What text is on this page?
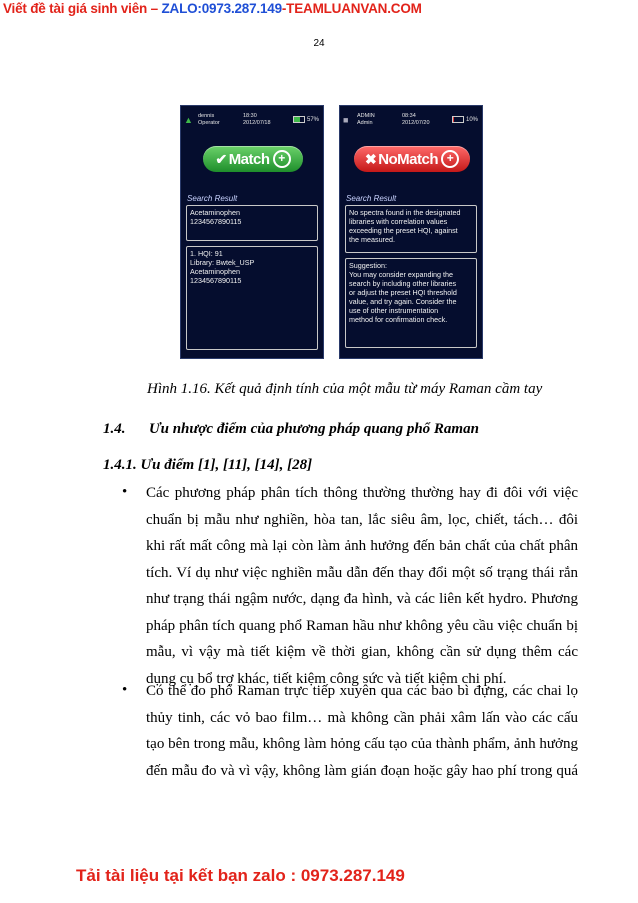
Viết đề tài giá sinh viên – ZALO:0973.287.149-TEAMLUANVAN.COM
24
▲ dennis
Operator
18:30
2012/07/18	57%
✔ Match +
Search Result
Acetaminophen
1234567890115
1. HQI: 91
Library: Bwtek_USP
Acetaminophen
1234567890115
■ ADMIN
Admin
08:34
2012/07/20	10%
✖ NoMatch +
Search Result
No spectra found in the designated
libraries with correlation values
exceeding the preset HQI, against
the measured.
Suggestion:
You may consider expanding the
search by including other libraries
or adjust the preset HQI threshold
value, and try again. Consider the
use of other instrumentation
method for confirmation check.
Hình 1.16. Kết quả định tính của một mẫu từ máy Raman cầm tay
1.4. Ưu nhược điểm của phương pháp quang phổ Raman
1.4.1. Ưu điểm [1], [11], [14], [28]
• Các phương pháp phân tích thông thường thường hay đi đôi với việc
chuẩn bị mẫu như nghiền, hòa tan, lắc siêu âm, lọc, chiết, tách… đôi
khi rất mất công mà lại còn làm ảnh hưởng đến bản chất của chất phân
tích. Ví dụ như việc nghiền mẫu dẫn đến thay đổi một số trạng thái rắn
như trạng thái ngậm nước, dạng đa hình, và các liên kết hydro. Phương
pháp phân tích quang phổ Raman hầu như không yêu cầu việc chuẩn bị
mẫu, vì vậy mà tiết kiệm về thời gian, không cần sử dụng thêm các
dụng cụ bổ trợ khác, tiết kiệm công sức và tiết kiệm chi phí.
• Có thể đo phổ Raman trực tiếp xuyên qua các bao bì đựng, các chai lọ
thủy tinh, các vỏ bao film… mà không cần phải xâm lấn vào các cấu
tạo bên trong mẫu, không làm hỏng cấu tạo của thành phẩm, ảnh hưởng
đến mẫu đo và vì vậy, không làm gián đoạn hoặc gây hao phí trong quá
Tải tài liệu tại kết bạn zalo : 0973.287.149
